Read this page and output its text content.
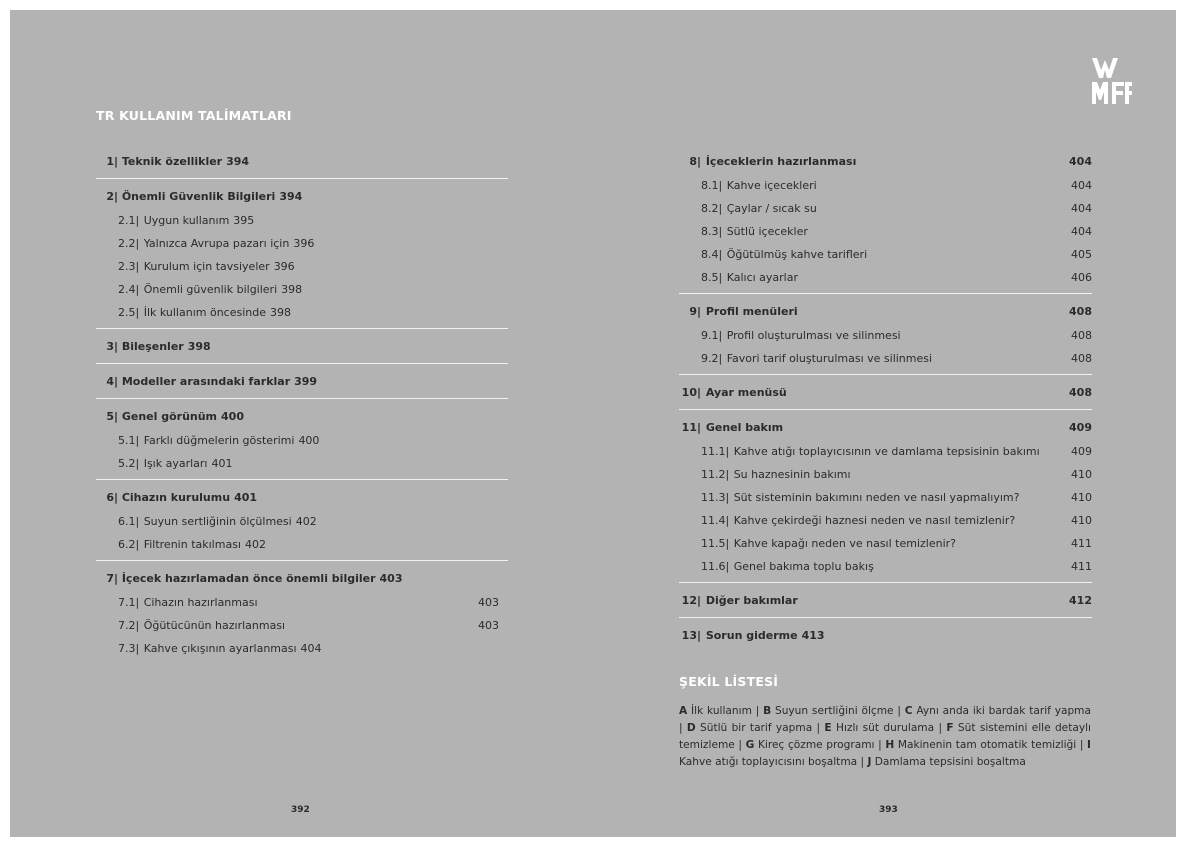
TR KULLANIM TALİMATLARI
1| Teknik özellikler 394
2| Önemli Güvenlik Bilgileri 394
2.1| Uygun kullanım 395
2.2| Yalnızca Avrupa pazarı için 396
2.3| Kurulum için tavsiyeler 396
2.4| Önemli güvenlik bilgileri 398
2.5| İlk kullanım öncesinde 398
3| Bileşenler 398
4| Modeller arasındaki farklar 399
5| Genel görünüm 400
5.1| Farklı düğmelerin gösterimi 400
5.2| Işık ayarları 401
6| Cihazın kurulumu 401
6.1| Suyun sertliğinin ölçülmesi 402
6.2| Filtrenin takılması 402
7| İçecek hazırlamadan önce önemli bilgiler 403
7.1| Cihazın hazırlanması	403
7.2| Öğütücünün hazırlanması	403
7.3| Kahve çıkışının ayarlanması 404
8| İçeceklerin hazırlanması	404
8.1| Kahve içecekleri	404
8.2| Çaylar / sıcak su	404
8.3| Sütlü içecekler	404
8.4| Öğütülmüş kahve tarifleri	405
8.5| Kalıcı ayarlar	406
9| Profil menüleri	408
9.1| Profil oluşturulması ve silinmesi	408
9.2| Favori tarif oluşturulması ve silinmesi	408
10| Ayar menüsü	408
11| Genel bakım	409
11.1| Kahve atığı toplayıcısının ve damlama tepsisinin bakımı	409
11.2| Su haznesinin bakımı	410
11.3| Süt sisteminin bakımını neden ve nasıl yapmalıyım?	410
11.4| Kahve çekirdeği haznesi neden ve nasıl temizlenir?	410
11.5| Kahve kapağı neden ve nasıl temizlenir?	411
11.6| Genel bakıma toplu bakış	411
12| Diğer bakımlar	412
13| Sorun giderme 413
ŞEKİL LİSTESİ
A İlk kullanım | B Suyun sertliğini ölçme | C Aynı anda iki bardak tarif yapma | D Sütlü bir tarif yapma | E Hızlı süt durulama | F Süt sistemini elle detaylı temizleme | G Kireç çözme programı | H Makinenin tam otomatik temizliği | I Kahve atığı toplayıcısını boşaltma | J Damlama tepsisini boşaltma
392	393
